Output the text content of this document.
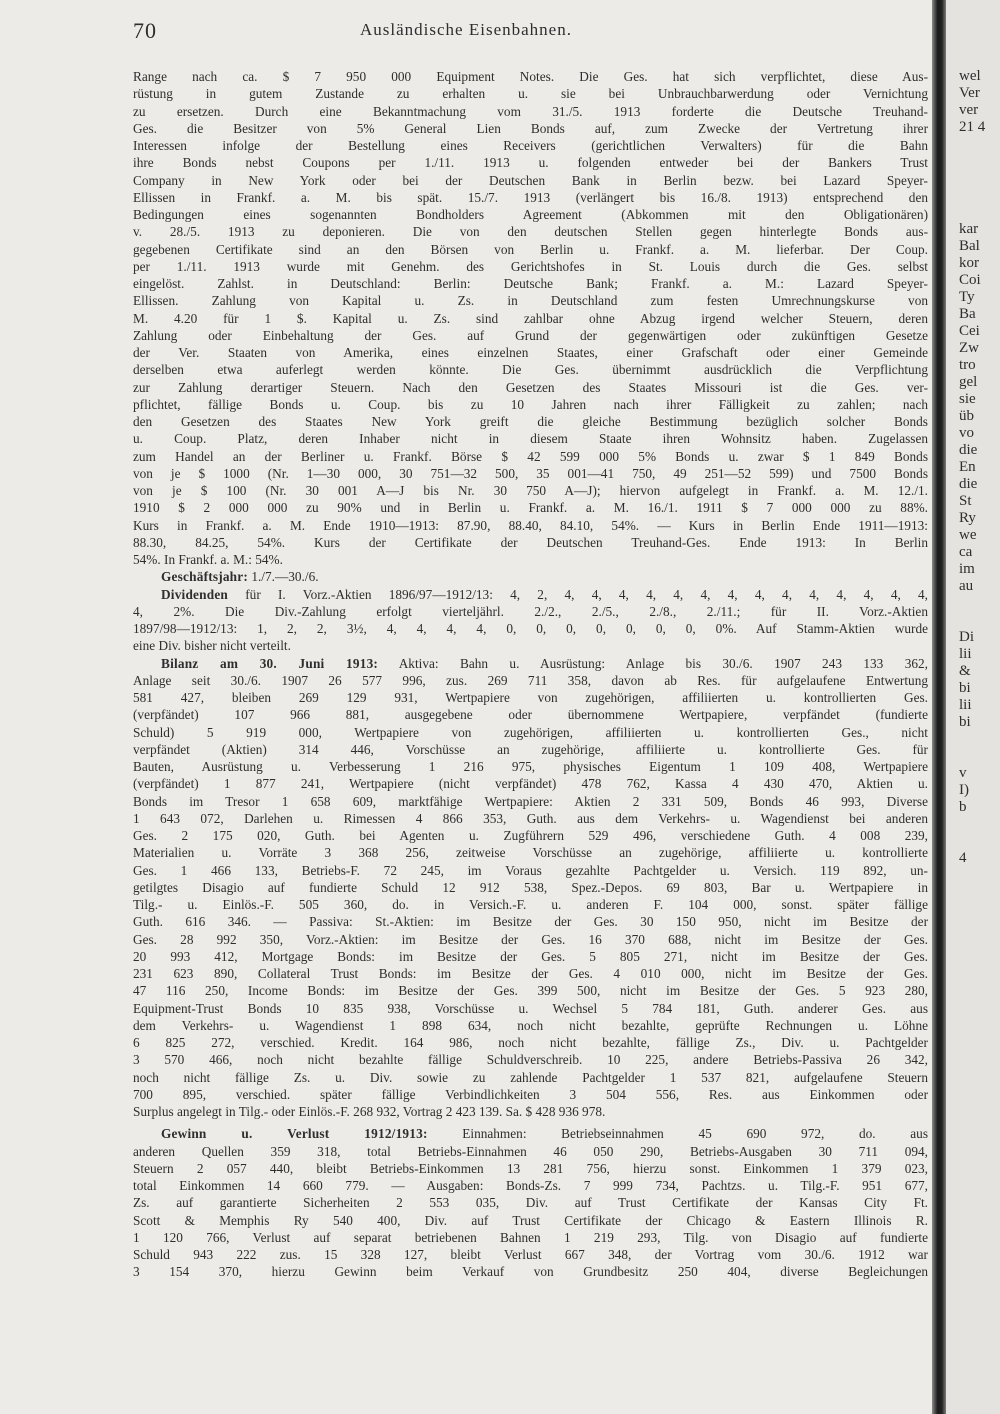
70	Ausländische Eisenbahnen.
Range nach ca. $ 7 950 000 Equipment Notes. Die Ges. hat sich verpflichtet, diese Aus-
rüstung in gutem Zustande zu erhalten u. sie bei Unbrauchbarwerdung oder Vernichtung
zu ersetzen. Durch eine Bekanntmachung vom 31./5. 1913 forderte die Deutsche Treuhand-
Ges. die Besitzer von 5% General Lien Bonds auf, zum Zwecke der Vertretung ihrer
Interessen infolge der Bestellung eines Receivers (gerichtlichen Verwalters) für die Bahn
ihre Bonds nebst Coupons per 1./11. 1913 u. folgenden entweder bei der Bankers Trust
Company in New York oder bei der Deutschen Bank in Berlin bezw. bei Lazard Speyer-
Ellissen in Frankf. a. M. bis spät. 15./7. 1913 (verlängert bis 16./8. 1913) entsprechend den
Bedingungen eines sogenannten Bondholders Agreement (Abkommen mit den Obligationären)
v. 28./5. 1913 zu deponieren. Die von den deutschen Stellen gegen hinterlegte Bonds aus-
gegebenen Certifikate sind an den Börsen von Berlin u. Frankf. a. M. lieferbar. Der Coup.
per 1./11. 1913 wurde mit Genehm. des Gerichtshofes in St. Louis durch die Ges. selbst
eingelöst. Zahlst. in Deutschland: Berlin: Deutsche Bank; Frankf. a. M.: Lazard Speyer-
Ellissen. Zahlung von Kapital u. Zs. in Deutschland zum festen Umrechnungskurse von
M. 4.20 für 1 $. Kapital u. Zs. sind zahlbar ohne Abzug irgend welcher Steuern, deren
Zahlung oder Einbehaltung der Ges. auf Grund der gegenwärtigen oder zukünftigen Gesetze
der Ver. Staaten von Amerika, eines einzelnen Staates, einer Grafschaft oder einer Gemeinde
derselben etwa auferlegt werden könnte. Die Ges. übernimmt ausdrücklich die Verpflichtung
zur Zahlung derartiger Steuern. Nach den Gesetzen des Staates Missouri ist die Ges. ver-
pflichtet, fällige Bonds u. Coup. bis zu 10 Jahren nach ihrer Fälligkeit zu zahlen; nach
den Gesetzen des Staates New York greift die gleiche Bestimmung bezüglich solcher Bonds
u. Coup. Platz, deren Inhaber nicht in diesem Staate ihren Wohnsitz haben. Zugelassen
zum Handel an der Berliner u. Frankf. Börse $ 42 599 000 5% Bonds u. zwar $ 1 849 Bonds
von je $ 1000 (Nr. 1—30 000, 30 751—32 500, 35 001—41 750, 49 251—52 599) und 7500 Bonds
von je $ 100 (Nr. 30 001 A—J bis Nr. 30 750 A—J); hiervon aufgelegt in Frankf. a. M. 12./1.
1910 $ 2 000 000 zu 90% und in Berlin u. Frankf. a. M. 16./1. 1911 $ 7 000 000 zu 88%.
Kurs in Frankf. a. M. Ende 1910—1913: 87.90, 88.40, 84.10, 54%. — Kurs in Berlin Ende 1911—1913:
88.30, 84.25, 54%. Kurs der Certifikate der Deutschen Treuhand-Ges. Ende 1913: In Berlin
54%. In Frankf. a. M.: 54%.
Geschäftsjahr: 1./7.—30./6.
Dividenden für I. Vorz.-Aktien 1896/97—1912/13: 4, 2, 4, 4, 4, 4, 4, 4, 4, 4, 4, 4, 4, 4, 4, 4,
4, 2%. Die Div.-Zahlung erfolgt vierteljährl. 2./2., 2./5., 2./8., 2./11.; für II. Vorz.-Aktien
1897/98—1912/13: 1, 2, 2, 3½, 4, 4, 4, 4, 0, 0, 0, 0, 0, 0, 0, 0%. Auf Stamm-Aktien wurde
eine Div. bisher nicht verteilt.
Bilanz am 30. Juni 1913: Aktiva: Bahn u. Ausrüstung: Anlage bis 30./6. 1907 243 133 362,
Anlage seit 30./6. 1907 26 577 996, zus. 269 711 358, davon ab Res. für aufgelaufene Entwertung
581 427, bleiben 269 129 931, Wertpapiere von zugehörigen, affiliierten u. kontrollierten Ges.
(verpfändet) 107 966 881, ausgegebene oder übernommene Wertpapiere, verpfändet (fundierte
Schuld) 5 919 000, Wertpapiere von zugehörigen, affiliierten u. kontrollierten Ges., nicht
verpfändet (Aktien) 314 446, Vorschüsse an zugehörige, affiliierte u. kontrollierte Ges. für
Bauten, Ausrüstung u. Verbesserung 1 216 975, physisches Eigentum 1 109 408, Wertpapiere
(verpfändet) 1 877 241, Wertpapiere (nicht verpfändet) 478 762, Kassa 4 430 470, Aktien u.
Bonds im Tresor 1 658 609, marktfähige Wertpapiere: Aktien 2 331 509, Bonds 46 993, Diverse
1 643 072, Darlehen u. Rimessen 4 866 353, Guth. aus dem Verkehrs- u. Wagendienst bei anderen
Ges. 2 175 020, Guth. bei Agenten u. Zugführern 529 496, verschiedene Guth. 4 008 239,
Materialien u. Vorräte 3 368 256, zeitweise Vorschüsse an zugehörige, affiliierte u. kontrollierte
Ges. 1 466 133, Betriebs-F. 72 245, im Voraus gezahlte Pachtgelder u. Versich. 119 892, un-
getilgtes Disagio auf fundierte Schuld 12 912 538, Spez.-Depos. 69 803, Bar u. Wertpapiere in
Tilg.- u. Einlös.-F. 505 360, do. in Versich.-F. u. anderen F. 104 000, sonst. später fällige
Guth. 616 346. — Passiva: St.-Aktien: im Besitze der Ges. 30 150 950, nicht im Besitze der
Ges. 28 992 350, Vorz.-Aktien: im Besitze der Ges. 16 370 688, nicht im Besitze der Ges.
20 993 412, Mortgage Bonds: im Besitze der Ges. 5 805 271, nicht im Besitze der Ges.
231 623 890, Collateral Trust Bonds: im Besitze der Ges. 4 010 000, nicht im Besitze der Ges.
47 116 250, Income Bonds: im Besitze der Ges. 399 500, nicht im Besitze der Ges. 5 923 280,
Equipment-Trust Bonds 10 835 938, Vorschüsse u. Wechsel 5 784 181, Guth. anderer Ges. aus
dem Verkehrs- u. Wagendienst 1 898 634, noch nicht bezahlte, geprüfte Rechnungen u. Löhne
6 825 272, verschied. Kredit. 164 986, noch nicht bezahlte, fällige Zs., Div. u. Pachtgelder
3 570 466, noch nicht bezahlte fällige Schuldverschreib. 10 225, andere Betriebs-Passiva 26 342,
noch nicht fällige Zs. u. Div. sowie zu zahlende Pachtgelder 1 537 821, aufgelaufene Steuern
700 895, verschied. später fällige Verbindlichkeiten 3 504 556, Res. aus Einkommen oder
Surplus angelegt in Tilg.- oder Einlös.-F. 268 932, Vortrag 2 423 139. Sa. $ 428 936 978.
Gewinn u. Verlust 1912/1913: Einnahmen: Betriebseinnahmen 45 690 972, do. aus
anderen Quellen 359 318, total Betriebs-Einnahmen 46 050 290, Betriebs-Ausgaben 30 711 094,
Steuern 2 057 440, bleibt Betriebs-Einkommen 13 281 756, hierzu sonst. Einkommen 1 379 023,
total Einkommen 14 660 779. — Ausgaben: Bonds-Zs. 7 999 734, Pachtzs. u. Tilg.-F. 951 677,
Zs. auf garantierte Sicherheiten 2 553 035, Div. auf Trust Certifikate der Kansas City Ft.
Scott & Memphis Ry 540 400, Div. auf Trust Certifikate der Chicago & Eastern Illinois R.
1 120 766, Verlust auf separat betriebenen Bahnen 1 219 293, Tilg. von Disagio auf fundierte
Schuld 943 222 zus. 15 328 127, bleibt Verlust 667 348, der Vortrag vom 30./6. 1912 war
3 154 370, hierzu Gewinn beim Verkauf von Grundbesitz 250 404, diverse Begleichungen
wel
Ver
ver
21 4
kar
Bal
kor
Coi
Ty
Ba
Cei
Zw
tro
gel
sie
üb
vo
die
En
die
St
Ry
we
ca
im
au
Di
lii
&
bi
lii
bi
v
I)
b
4
